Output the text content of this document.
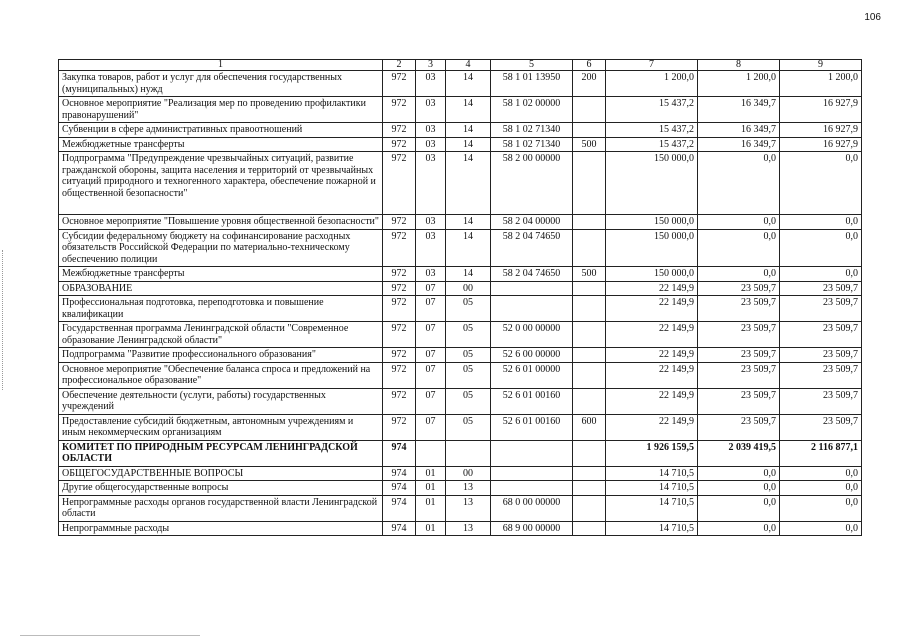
106
1	2	3	4	5	6	7	8	9
Закупка товаров, работ и услуг для обеспечения государственных (муниципальных) нужд	972	03	14	58 1 01 13950	200	1 200,0	1 200,0	1 200,0
Основное мероприятие "Реализация мер по проведению профилактики правонарушений"	972	03	14	58 1 02 00000		15 437,2	16 349,7	16 927,9
Субвенции в сфере административных правоотношений	972	03	14	58 1 02 71340		15 437,2	16 349,7	16 927,9
Межбюджетные трансферты	972	03	14	58 1 02 71340	500	15 437,2	16 349,7	16 927,9
Подпрограмма "Предупреждение чрезвычайных ситуаций, развитие гражданской обороны, защита населения и территорий от чрезвычайных ситуаций природного и техногенного характера, обеспечение пожарной и общественной безопасности"	972	03	14	58 2 00 00000		150 000,0	0,0	0,0
Основное мероприятие "Повышение уровня общественной безопасности"	972	03	14	58 2 04 00000		150 000,0	0,0	0,0
Субсидии федеральному бюджету на софинансирование расходных обязательств Российской Федерации по материально-техническому обеспечению полиции	972	03	14	58 2 04 74650		150 000,0	0,0	0,0
Межбюджетные трансферты	972	03	14	58 2 04 74650	500	150 000,0	0,0	0,0
ОБРАЗОВАНИЕ	972	07	00			22 149,9	23 509,7	23 509,7
Профессиональная подготовка, переподготовка и повышение квалификации	972	07	05			22 149,9	23 509,7	23 509,7
Государственная программа Ленинградской области "Современное образование Ленинградской области"	972	07	05	52 0 00 00000		22 149,9	23 509,7	23 509,7
Подпрограмма "Развитие профессионального образования"	972	07	05	52 6 00 00000		22 149,9	23 509,7	23 509,7
Основное мероприятие "Обеспечение баланса спроса и предложений на профессиональное образование"	972	07	05	52 6 01 00000		22 149,9	23 509,7	23 509,7
Обеспечение деятельности (услуги, работы) государственных учреждений	972	07	05	52 6 01 00160		22 149,9	23 509,7	23 509,7
Предоставление субсидий бюджетным, автономным учреждениям и иным некоммерческим организациям	972	07	05	52 6 01 00160	600	22 149,9	23 509,7	23 509,7
КОМИТЕТ ПО ПРИРОДНЫМ РЕСУРСАМ ЛЕНИНГРАДСКОЙ ОБЛАСТИ	974					1 926 159,5	2 039 419,5	2 116 877,1
ОБЩЕГОСУДАРСТВЕННЫЕ ВОПРОСЫ	974	01	00			14 710,5	0,0	0,0
Другие общегосударственные вопросы	974	01	13			14 710,5	0,0	0,0
Непрограммные расходы органов государственной власти Ленинградской области	974	01	13	68 0 00 00000		14 710,5	0,0	0,0
Непрограммные расходы	974	01	13	68 9 00 00000		14 710,5	0,0	0,0
